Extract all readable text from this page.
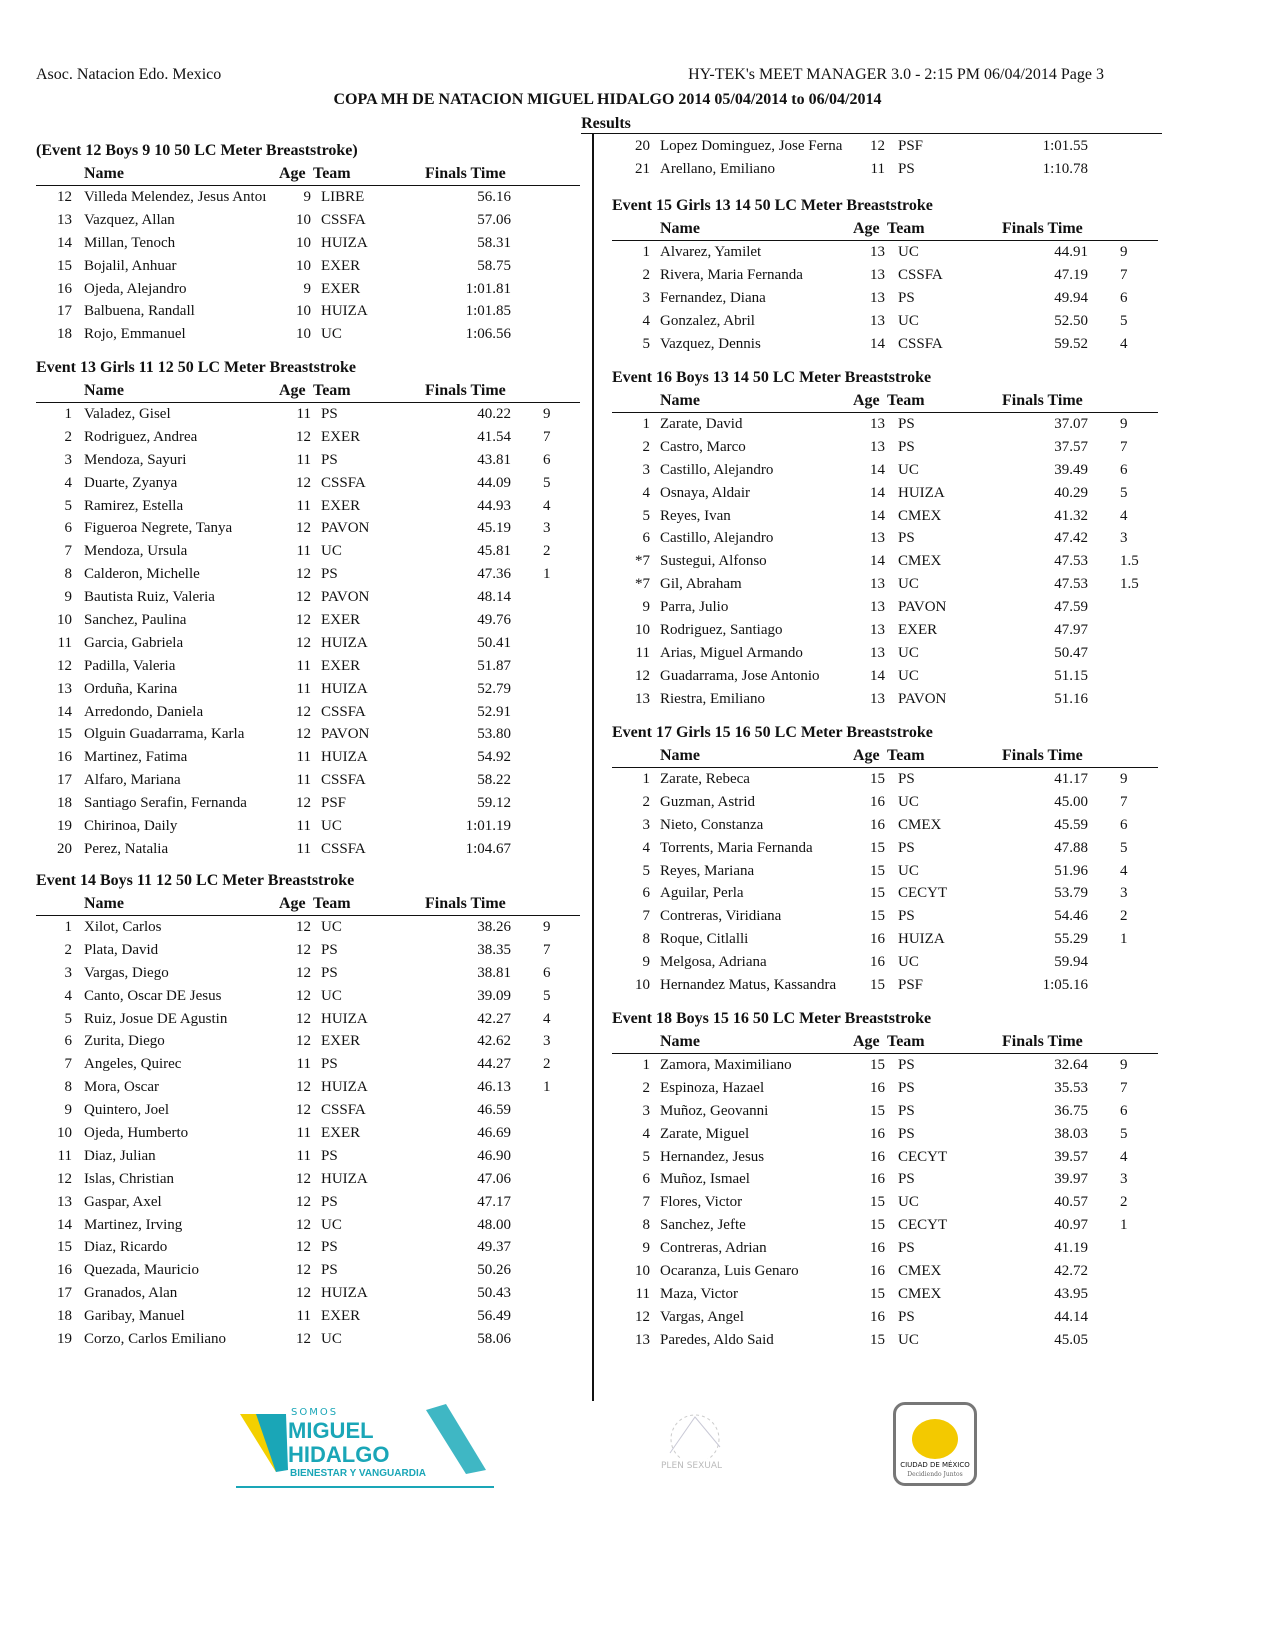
Asoc. Natacion Edo. Mexico	HY-TEK's MEET MANAGER 3.0 - 2:15 PM 06/04/2014 Page 3
COPA MH DE NATACION MIGUEL HIDALGO 2014 05/04/2014 to 06/04/2014
Results
(Event 12 Boys 9 10 50 LC Meter Breaststroke)
Name	Age Team	Finals Time
12 Villeda Melendez, Jesus Antoı	9 LIBRE	56.16
13 Vazquez, Allan	10 CSSFA	57.06
14 Millan, Tenoch	10 HUIZA	58.31
15 Bojalil, Anhuar	10 EXER	58.75
16 Ojeda, Alejandro	9 EXER	1:01.81
17 Balbuena, Randall	10 HUIZA	1:01.85
18 Rojo, Emmanuel	10 UC	1:06.56
Event 13 Girls 11 12 50 LC Meter Breaststroke
Name	Age Team	Finals Time
1 Valadez, Gisel	11 PS	40.22 9
2 Rodriguez, Andrea	12 EXER	41.54 7
3 Mendoza, Sayuri	11 PS	43.81 6
4 Duarte, Zyanya	12 CSSFA	44.09 5
5 Ramirez, Estella	11 EXER	44.93 4
6 Figueroa Negrete, Tanya	12 PAVON	45.19 3
7 Mendoza, Ursula	11 UC	45.81 2
8 Calderon, Michelle	12 PS	47.36 1
9 Bautista Ruiz, Valeria	12 PAVON	48.14
10 Sanchez, Paulina	12 EXER	49.76
11 Garcia, Gabriela	12 HUIZA	50.41
12 Padilla, Valeria	11 EXER	51.87
13 Orduña, Karina	11 HUIZA	52.79
14 Arredondo, Daniela	12 CSSFA	52.91
15 Olguin Guadarrama, Karla	12 PAVON	53.80
16 Martinez, Fatima	11 HUIZA	54.92
17 Alfaro, Mariana	11 CSSFA	58.22
18 Santiago Serafin, Fernanda	12 PSF	59.12
19 Chirinoa, Daily	11 UC	1:01.19
20 Perez, Natalia	11 CSSFA	1:04.67
Event 14 Boys 11 12 50 LC Meter Breaststroke
Name	Age Team	Finals Time
1 Xilot, Carlos	12 UC	38.26 9
2 Plata, David	12 PS	38.35 7
3 Vargas, Diego	12 PS	38.81 6
4 Canto, Oscar DE Jesus	12 UC	39.09 5
5 Ruiz, Josue DE Agustin	12 HUIZA	42.27 4
6 Zurita, Diego	12 EXER	42.62 3
7 Angeles, Quirec	11 PS	44.27 2
8 Mora, Oscar	12 HUIZA	46.13 1
9 Quintero, Joel	12 CSSFA	46.59
10 Ojeda, Humberto	11 EXER	46.69
11 Diaz, Julian	11 PS	46.90
12 Islas, Christian	12 HUIZA	47.06
13 Gaspar, Axel	12 PS	47.17
14 Martinez, Irving	12 UC	48.00
15 Diaz, Ricardo	12 PS	49.37
16 Quezada, Mauricio	12 PS	50.26
17 Granados, Alan	12 HUIZA	50.43
18 Garibay, Manuel	11 EXER	56.49
19 Corzo, Carlos Emiliano	12 UC	58.06
20 Lopez Dominguez, Jose Ferna	12 PSF	1:01.55
21 Arellano, Emiliano	11 PS	1:10.78
Event 15 Girls 13 14 50 LC Meter Breaststroke
Name	Age Team	Finals Time
1 Alvarez, Yamilet	13 UC	44.91 9
2 Rivera, Maria Fernanda	13 CSSFA	47.19 7
3 Fernandez, Diana	13 PS	49.94 6
4 Gonzalez, Abril	13 UC	52.50 5
5 Vazquez, Dennis	14 CSSFA	59.52 4
Event 16 Boys 13 14 50 LC Meter Breaststroke
Name	Age Team	Finals Time
1 Zarate, David	13 PS	37.07 9
2 Castro, Marco	13 PS	37.57 7
3 Castillo, Alejandro	14 UC	39.49 6
4 Osnaya, Aldair	14 HUIZA	40.29 5
5 Reyes, Ivan	14 CMEX	41.32 4
6 Castillo, Alejandro	13 PS	47.42 3
*7 Sustegui, Alfonso	14 CMEX	47.53 1.5
*7 Gil, Abraham	13 UC	47.53 1.5
9 Parra, Julio	13 PAVON	47.59
10 Rodriguez, Santiago	13 EXER	47.97
11 Arias, Miguel Armando	13 UC	50.47
12 Guadarrama, Jose Antonio	14 UC	51.15
13 Riestra, Emiliano	13 PAVON	51.16
Event 17 Girls 15 16 50 LC Meter Breaststroke
Name	Age Team	Finals Time
1 Zarate, Rebeca	15 PS	41.17 9
2 Guzman, Astrid	16 UC	45.00 7
3 Nieto, Constanza	16 CMEX	45.59 6
4 Torrents, Maria Fernanda	15 PS	47.88 5
5 Reyes, Mariana	15 UC	51.96 4
6 Aguilar, Perla	15 CECYT	53.79 3
7 Contreras, Viridiana	15 PS	54.46 2
8 Roque, Citlalli	16 HUIZA	55.29 1
9 Melgosa, Adriana	16 UC	59.94
10 Hernandez Matus, Kassandra	15 PSF	1:05.16
Event 18 Boys 15 16 50 LC Meter Breaststroke
Name	Age Team	Finals Time
1 Zamora, Maximiliano	15 PS	32.64 9
2 Espinoza, Hazael	16 PS	35.53 7
3 Muñoz, Geovanni	15 PS	36.75 6
4 Zarate, Miguel	16 PS	38.03 5
5 Hernandez, Jesus	16 CECYT	39.57 4
6 Muñoz, Ismael	16 PS	39.97 3
7 Flores, Victor	15 UC	40.57 2
8 Sanchez, Jefte	15 CECYT	40.97 1
9 Contreras, Adrian	16 PS	41.19
10 Ocaranza, Luis Genaro	16 CMEX	42.72
11 Maza, Victor	15 CMEX	43.95
12 Vargas, Angel	16 PS	44.14
13 Paredes, Aldo Said	15 UC	45.05
SOMOS
MIGUEL
HIDALGO
BIENESTAR Y VANGUARDIA
PLEN SEXUAL	CIUDAD DE MÉXICO
Decidiendo Juntos
